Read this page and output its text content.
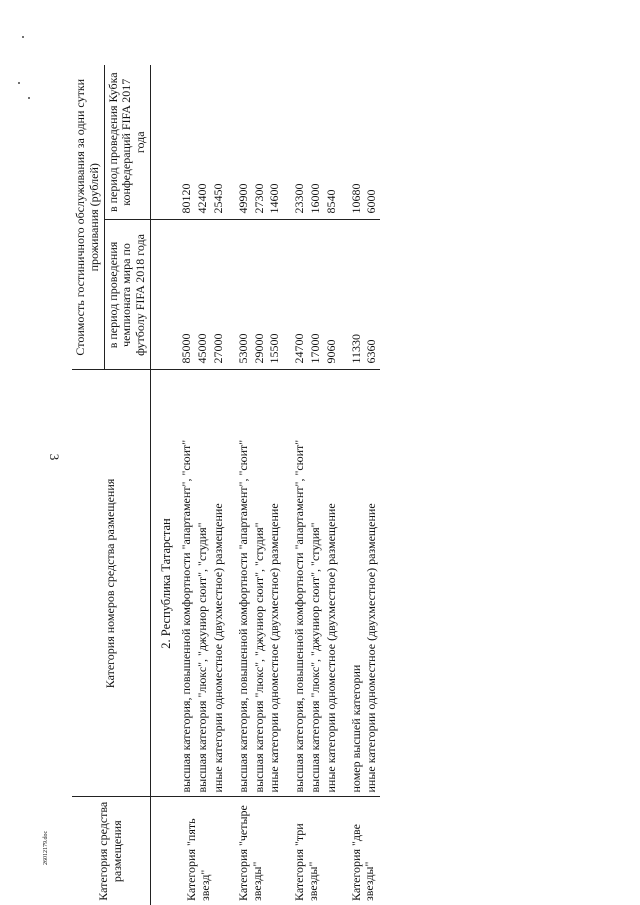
3
Категория средства размещения	Категория номеров средства размещения	Стоимость гостиничного обслуживания за одни сутки проживания (рублей)	
		в период проведения чемпионата мира по футболу FIFA 2018 года	в период проведения Кубка конфедераций FIFA 2017 года
	2. Республика Татарстан		
Категория "пять звезд"	высшая категория, повышенной комфортности "апартамент", "сюит"	85000	80120
	высшая категория "люкс", "джуниор сюит", "студия"	45000	42400
	иные категории одноместное (двухместное) размещение	27000	25450
Категория "четыре звезды"	высшая категория, повышенной комфортности "апартамент", "сюит"	53000	49900
	высшая категория "люкс", "джуниор сюит", "студия"	29000	27300
	иные категории одноместное (двухместное) размещение	15500	14600
Категория "три звезды"	высшая категория, повышенной комфортности "апартамент", "сюит"	24700	23300
	высшая категория "люкс", "джуниор сюит", "студия"	17000	16000
	иные категории одноместное (двухместное) размещение	9060	8540
Категория "две звезды"	номер высшей категории	11330	10680
	иные категории одноместное (двухместное) размещение	6360	6000
26012179.doc
